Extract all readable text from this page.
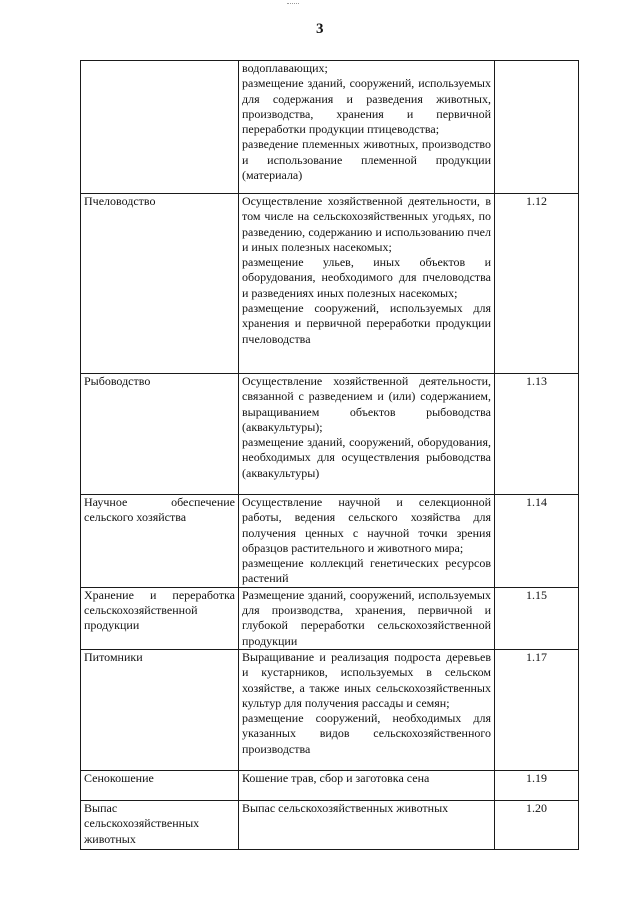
3

	водоплавающих;

размещение зданий, сооружений, используемых для содержания и разведения животных, производства, хранения и первичной переработки продукции птицеводства;

разведение племенных животных, производство и использование племенной продукции (материала)	

Пчеловодство	Осуществление хозяйственной деятельности, в том числе на сельскохозяйственных угодьях, по разведению, содержанию и использованию пчел и иных полезных насекомых;

размещение ульев, иных объектов и оборудования, необходимого для пчеловодства и разведениях иных полезных насекомых;

размещение сооружений, используемых для хранения и первичной переработки продукции пчеловодства	1.12
Рыбоводство	Осуществление хозяйственной деятельности, связанной с разведением и (или) содержанием, выращиванием объектов рыбоводства (аквакультуры);

размещение зданий, сооружений, оборудования, необходимых для осуществления рыбоводства (аквакультуры)	1.13
Научное обеспечение сельского хозяйства	Осуществление научной и селекционной работы, ведения сельского хозяйства для получения ценных с научной точки зрения образцов растительного и животного мира;

размещение коллекций генетических ресурсов растений	1.14
Хранение и переработка сельскохозяйственной продукции	Размещение зданий, сооружений, используемых для производства, хранения, первичной и глубокой переработки сельскохозяйственной продукции	1.15
Питомники	Выращивание и реализация подроста деревьев и кустарников, используемых в сельском хозяйстве, а также иных сельскохозяйственных культур для получения рассады и семян;

размещение сооружений, необходимых для указанных видов сельскохозяйственного производства	1.17
Сенокошение	Кошение трав, сбор и заготовка сена	1.19
Выпас сельскохозяйственных животных	Выпас сельскохозяйственных животных	1.20
